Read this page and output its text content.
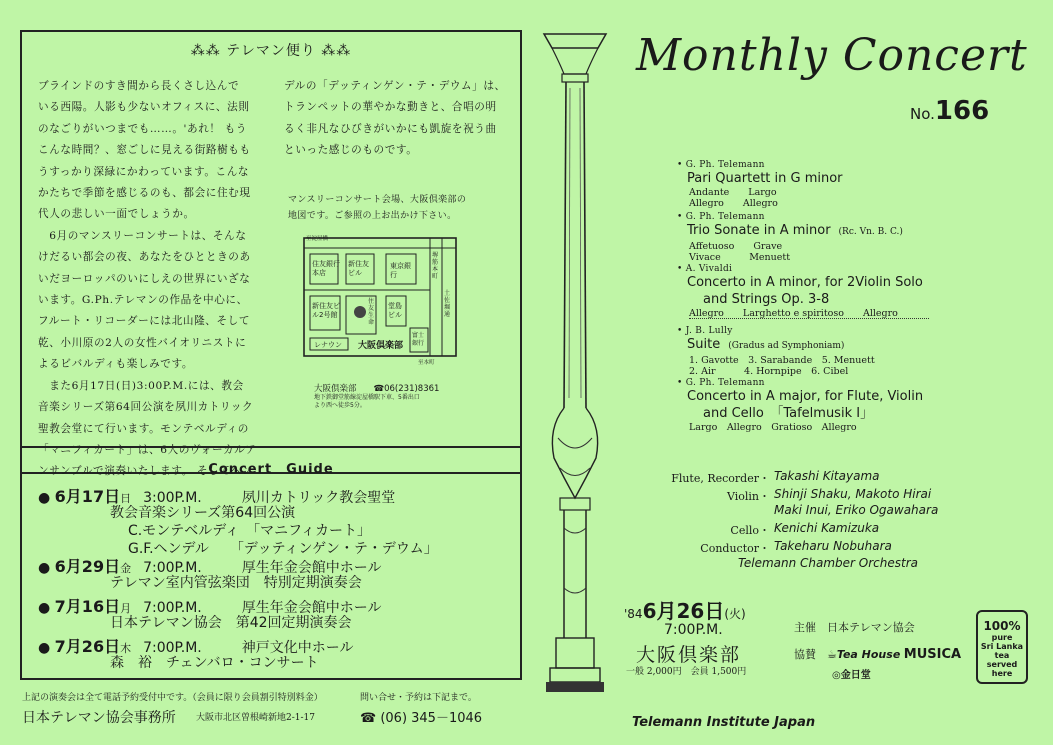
⁂⁂ テレマン便り ⁂⁂
ブラインドのすき間から長くさし込んで
いる西陽。人影も少ないオフィスに、法則
のなごりがいつまでも……。'あれ！ もう
こんな時間？、窓ごしに見える街路樹もも
うすっかり深緑にかわっています。こんな
かたちで季節を感じるのも、都会に住む現
代人の悲しい一面でしょうか。
　6月のマンスリーコンサートは、そんな
けだるい都会の夜、あなたをひとときのあ
いだヨーロッパのいにしえの世界にいざな
います。G.Ph.テレマンの作品を中心に、
フルート・リコーダーには北山隆、そして
乾、小川原の2人の女性バイオリニストに
よるビバルディも楽しみです。
　また6月17日(日)3:00P.M.には、教会
音楽シリーズ第64回公演を夙川カトリック
聖教会堂にて行います。モンテベルディの
「マニフィカート」は、6人のヴォーカルア
ンサンブルで演奏いたします。 そしてヘン
デルの「デッティンゲン・テ・デウム」は、
トランペットの華やかな動きと、合唱の明
るく非凡なひびきがいかにも凱旋を祝う曲
といった感じのものです。
マンスリーコンサート会場、大阪倶楽部の
地図です。ご参照の上お出かけ下さい。
住友銀行本店
新住友ビル
東京銀行
新住友ビル2号館
住友生命
堂島ビル
大阪倶楽部
レナウン
富士銀行
堺筋本町
土佐堀通
至淀屋橋
至本町
大阪倶楽部　　 ☎06(231)8361
地下鉄御堂筋線淀屋橋駅下車、5番出口
より西へ徒歩5分。
Concert　Guide
● 6月17日日 3:00P.M.	夙川カトリック教会聖堂
教会音楽シリーズ第64回公演
C.モンテベルディ　「マニフィカート」
G.F.ヘンデル　　「デッティンゲン・テ・デウム」
● 6月29日金 7:00P.M.	厚生年金会館中ホール
テレマン室内管弦楽団　特別定期演奏会
● 7月16日月 7:00P.M.	厚生年金会館中ホール
日本テレマン協会　第42回定期演奏会
● 7月26日木 7:00P.M.	神戸文化中ホール
森　裕　チェンバロ・コンサート
上記の演奏会は全て電話予約受付中です。（会員に限り会員割引特別料金）
日本テレマン協会事務所 大阪市北区曽根崎新地2-1-17
問い合せ・予約は下記まで。
☎ (06) 345－1046
Monthly Concert
No.166
• G. Ph. Telemann
Pari Quartett in G minor
Andante　　Largo
Allegro　　Allegro
• G. Ph. Telemann
Trio Sonate in A minor (Rc. Vn. B. C.)
Affetuoso　　Grave
Vivace　　　Menuett
• A. Vivaldi
Concerto in A minor, for 2Violin Solo
and Strings Op. 3-8
Allegro　　Larghetto e spiritoso　　Allegro
• J. B. Lully
Suite (Gradus ad Symphoniam)
1. Gavotte　3. Sarabande　5. Menuett
2. Air　　　4. Hornpipe　6. Cibel
• G. Ph. Telemann
Concerto in A major, for Flute, Violin
and Cello　「Tafelmusik I」
Largo　Allegro　Gratioso　Allegro
Flute, Recorder・ Takashi Kitayama
Violin・ Shinji Shaku, Makoto Hirai
Maki Inui, Eriko Ogawahara
Cello・ Kenichi Kamizuka
Conductor・ Takeharu Nobuhara
Telemann Chamber Orchestra
'846月26日(火)
7:00P.M.
大阪倶楽部
一般 2,000円　会員 1,500円
主催　 日本テレマン協会
協賛　 ☕Tea House MUSICA
◎金日堂
100%
pure
Sri Lanka
tea
served
here
Telemann Institute Japan
